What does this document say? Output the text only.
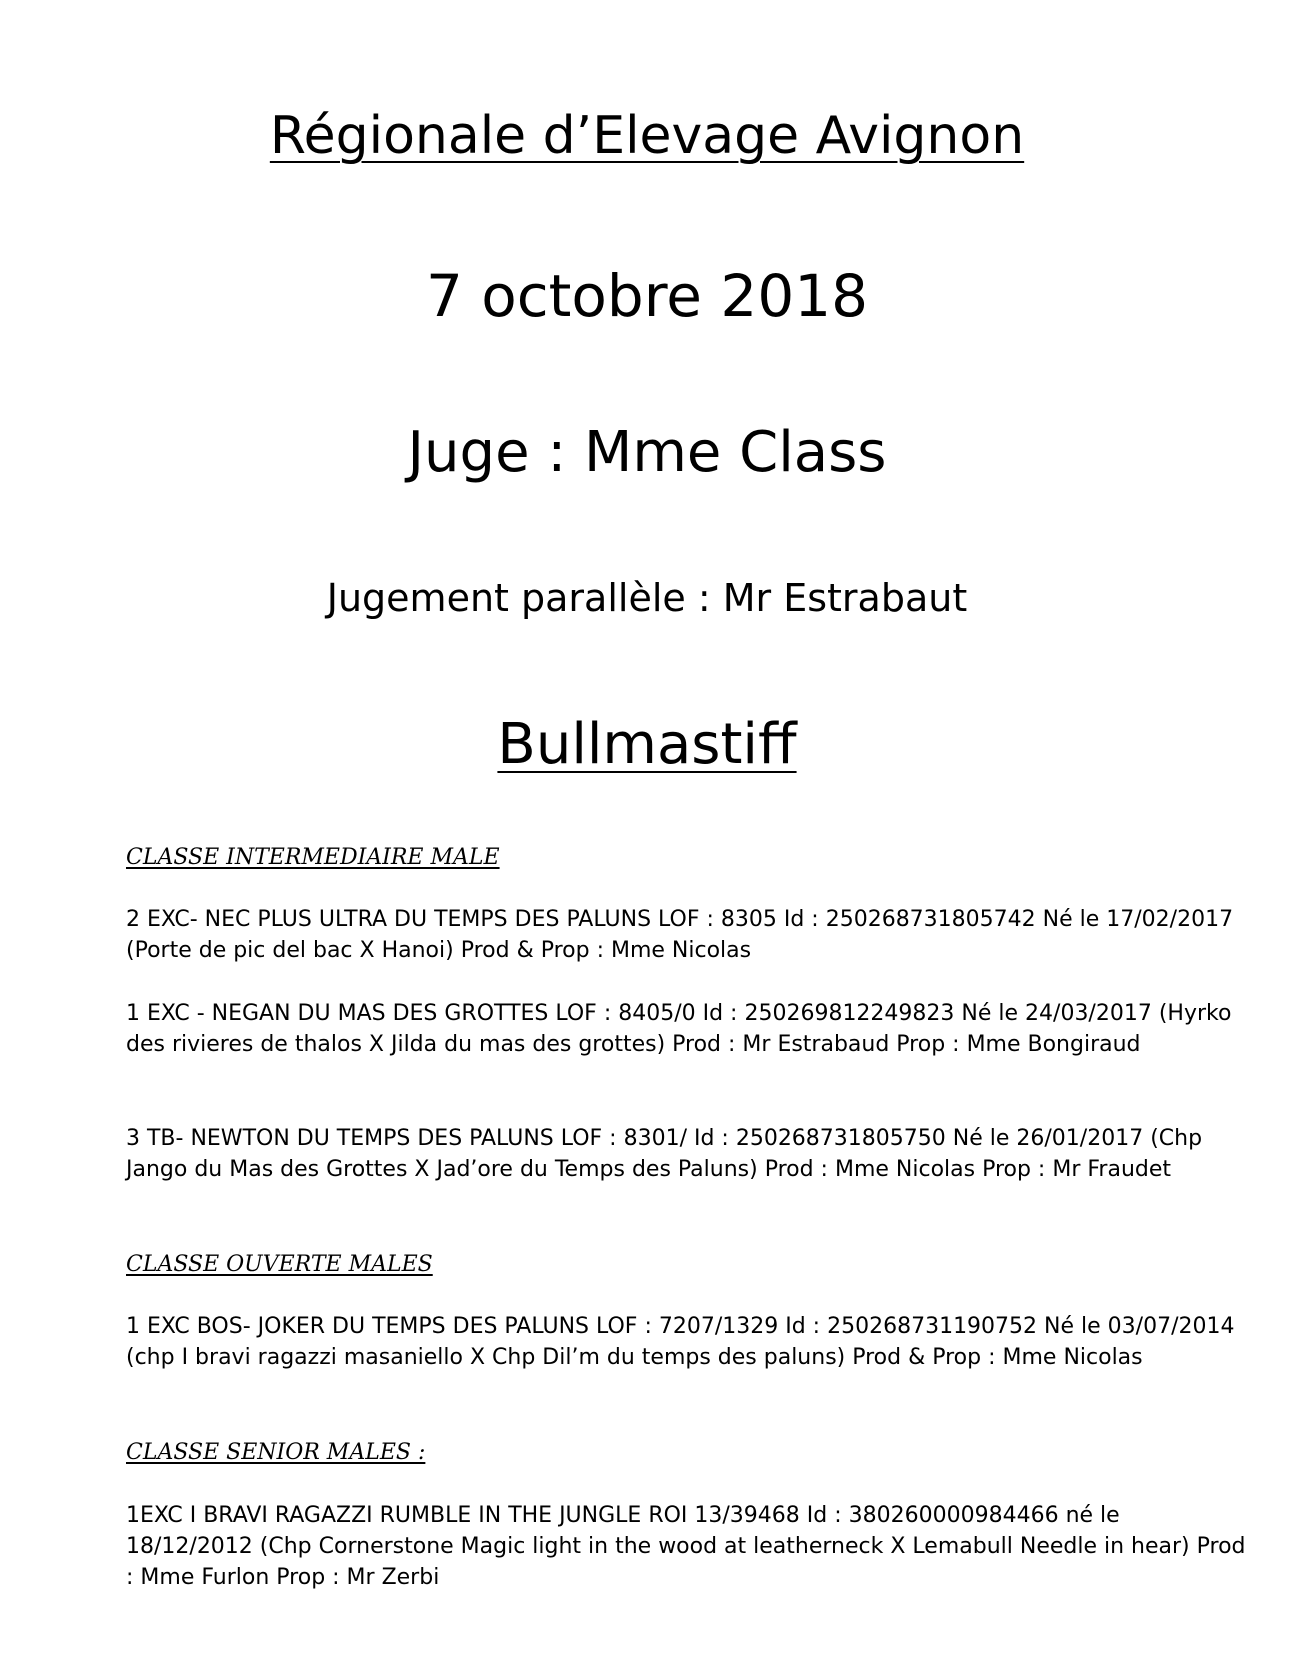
Régionale d’Elevage Avignon
7 octobre 2018
Juge : Mme Class
Jugement parallèle : Mr Estrabaut
Bullmastiff
CLASSE INTERMEDIAIRE MALE

2 EXC- NEC PLUS ULTRA DU TEMPS DES PALUNS LOF : 8305 Id : 250268731805742 Né le 17/02/2017 (Porte de pic del bac X Hanoi) Prod & Prop : Mme Nicolas

1 EXC - NEGAN DU MAS DES GROTTES LOF : 8405/0 Id : 250269812249823 Né le 24/03/2017 (Hyrko des rivieres de thalos X Jilda du mas des grottes) Prod : Mr Estrabaud Prop : Mme Bongiraud

3 TB- NEWTON DU TEMPS DES PALUNS LOF : 8301/ Id : 250268731805750 Né le 26/01/2017 (Chp Jango du Mas des Grottes X Jad’ore du Temps des Paluns) Prod : Mme Nicolas Prop : Mr Fraudet

CLASSE OUVERTE MALES

1 EXC BOS- JOKER DU TEMPS DES PALUNS LOF : 7207/1329 Id : 250268731190752 Né le 03/07/2014 (chp I bravi ragazzi masaniello X Chp Dil’m du temps des paluns) Prod & Prop : Mme Nicolas

CLASSE SENIOR MALES :

1EXC I BRAVI RAGAZZI RUMBLE IN THE JUNGLE ROI 13/39468 Id : 380260000984466 né le 18/12/2012 (Chp Cornerstone Magic light in the wood at leatherneck X Lemabull Needle in hear) Prod : Mme Furlon Prop : Mr Zerbi
